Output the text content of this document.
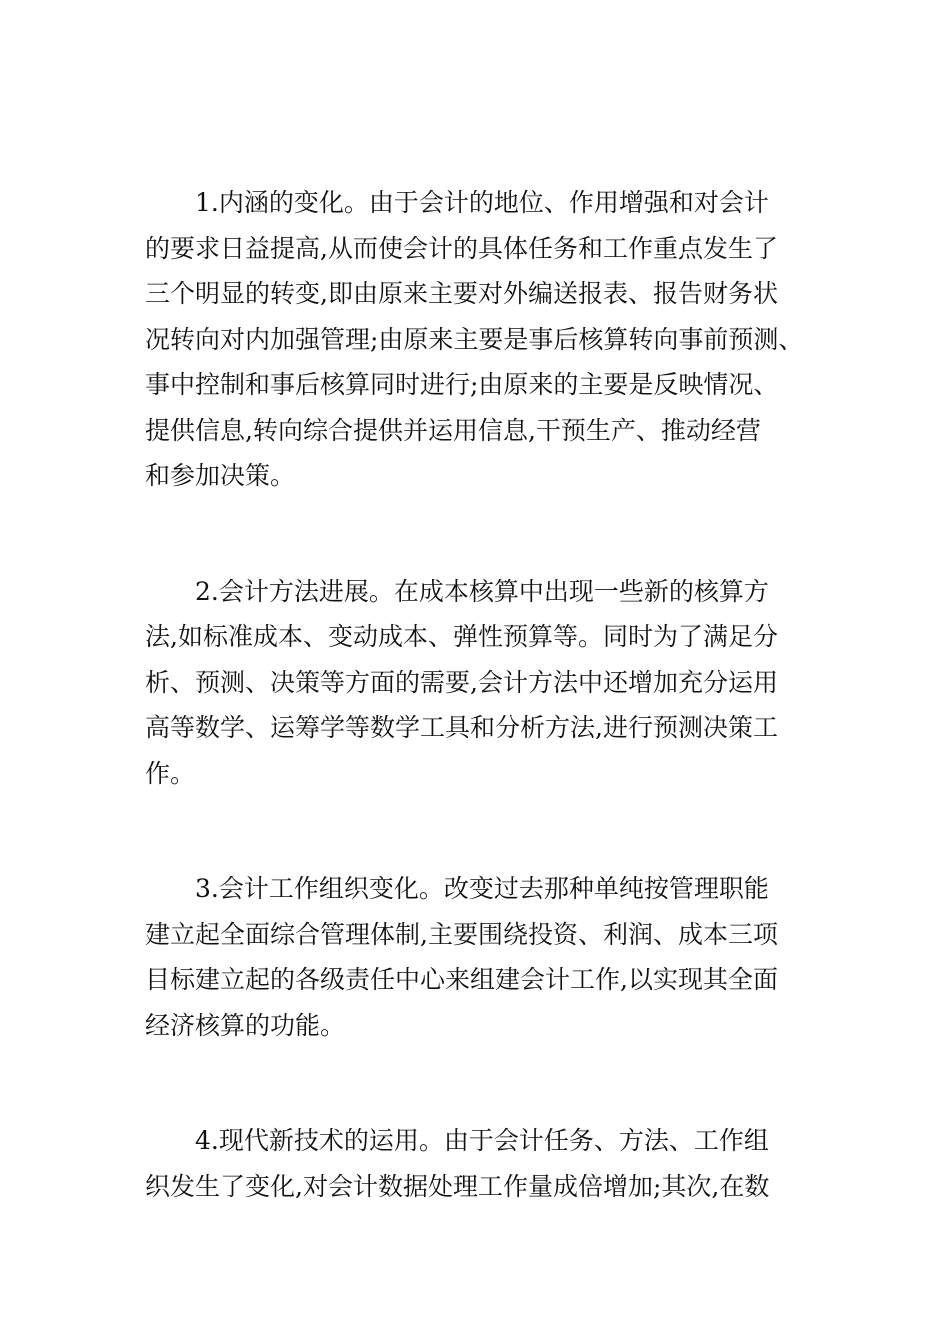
1.内涵的变化。由于会计的地位、作用增强和对会计
的要求日益提高,从而使会计的具体任务和工作重点发生了
三个明显的转变,即由原来主要对外编送报表、报告财务状
况转向对内加强管理;由原来主要是事后核算转向事前预测、
事中控制和事后核算同时进行;由原来的主要是反映情况、
提供信息,转向综合提供并运用信息,干预生产、推动经营
和参加决策。
2.会计方法进展。在成本核算中出现一些新的核算方
法,如标准成本、变动成本、弹性预算等。同时为了满足分
析、预测、决策等方面的需要,会计方法中还增加充分运用
高等数学、运筹学等数学工具和分析方法,进行预测决策工
作。
3.会计工作组织变化。改变过去那种单纯按管理职能
建立起全面综合管理体制,主要围绕投资、利润、成本三项
目标建立起的各级责任中心来组建会计工作,以实现其全面
经济核算的功能。
4.现代新技术的运用。由于会计任务、方法、工作组
织发生了变化,对会计数据处理工作量成倍增加;其次,在数
